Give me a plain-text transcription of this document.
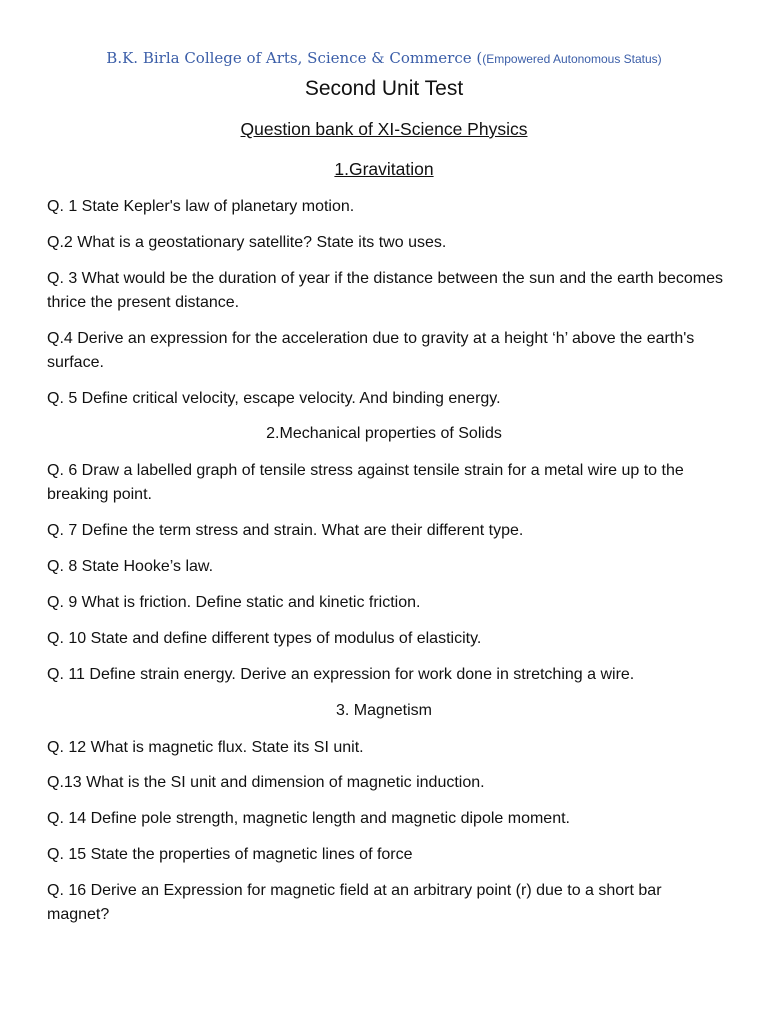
B.K. Birla College of Arts, Science & Commerce ((Empowered Autonomous Status)
Second Unit Test
Question bank of XI-Science Physics
1.Gravitation
Q. 1 State Kepler's law of planetary motion.
Q.2 What is a geostationary satellite? State its two uses.
Q. 3 What would be the duration of year if the distance between the sun and the earth becomes thrice the present distance.
Q.4 Derive an expression for the acceleration due to gravity at a height ‘h’ above the earth's surface.
Q. 5 Define critical velocity, escape velocity. And binding energy.
2.Mechanical properties of Solids
Q. 6 Draw a labelled graph of tensile stress against tensile strain for a metal wire up to the breaking point.
Q. 7 Define the term stress and strain. What are their different type.
Q. 8 State Hooke’s law.
Q. 9 What is friction. Define static and kinetic friction.
Q. 10 State and define different types of modulus of elasticity.
Q. 11 Define strain energy. Derive an expression for work done in stretching a wire.
3. Magnetism
Q. 12 What is magnetic flux. State its SI unit.
Q.13 What is the SI unit and dimension of magnetic induction.
Q. 14 Define pole strength, magnetic length and magnetic dipole moment.
Q. 15 State the properties of magnetic lines of force
Q. 16 Derive an Expression for magnetic field at an arbitrary point (r) due to a short bar magnet?
